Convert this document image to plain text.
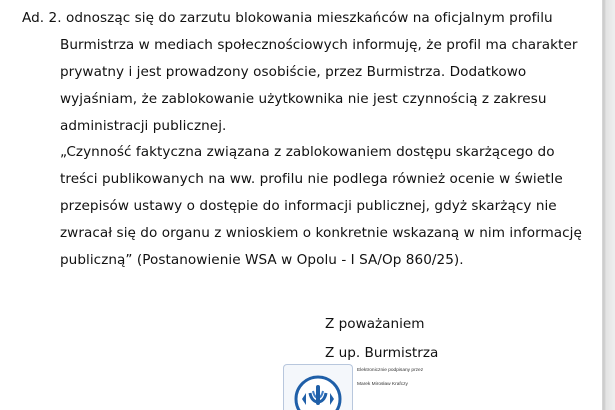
Ad. 2. odnosząc się do zarzutu blokowania mieszkańców na oficjalnym profilu
Burmistrza w mediach społecznościowych informuję, że profil ma charakter
prywatny i jest prowadzony osobiście, przez Burmistrza. Dodatkowo
wyjaśniam, że zablokowanie użytkownika nie jest czynnością z zakresu
administracji publicznej.
„Czynność faktyczna związana z zablokowaniem dostępu skarżącego do
treści publikowanych na ww. profilu nie podlega również ocenie w świetle
przepisów ustawy o dostępie do informacji publicznej, gdyż skarżący nie
zwracał się do organu z wnioskiem o konkretnie wskazaną w nim informację
publiczną” (Postanowienie WSA w Opolu - I SA/Op 860/25).
Z poważaniem
Z up. Burmistrza
Elektronicznie podpisany przez
Marek Mirosław Krafczy
